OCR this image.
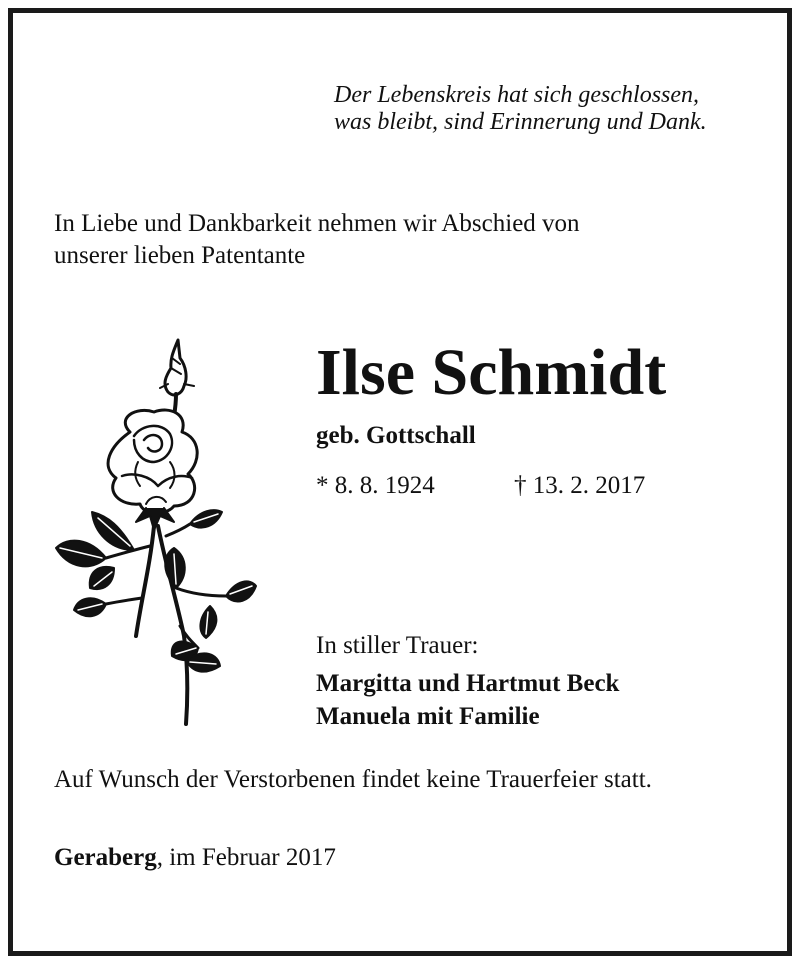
Der Lebenskreis hat sich geschlossen,
was bleibt, sind Erinnerung und Dank.
In Liebe und Dankbarkeit nehmen wir Abschied von
unserer lieben Patentante
Ilse Schmidt
geb. Gottschall
* 8. 8. 1924	† 13. 2. 2017
In stiller Trauer:
Margitta und Hartmut Beck
Manuela mit Familie
Auf Wunsch der Verstorbenen findet keine Trauerfeier statt.
Geraberg, im Februar 2017
